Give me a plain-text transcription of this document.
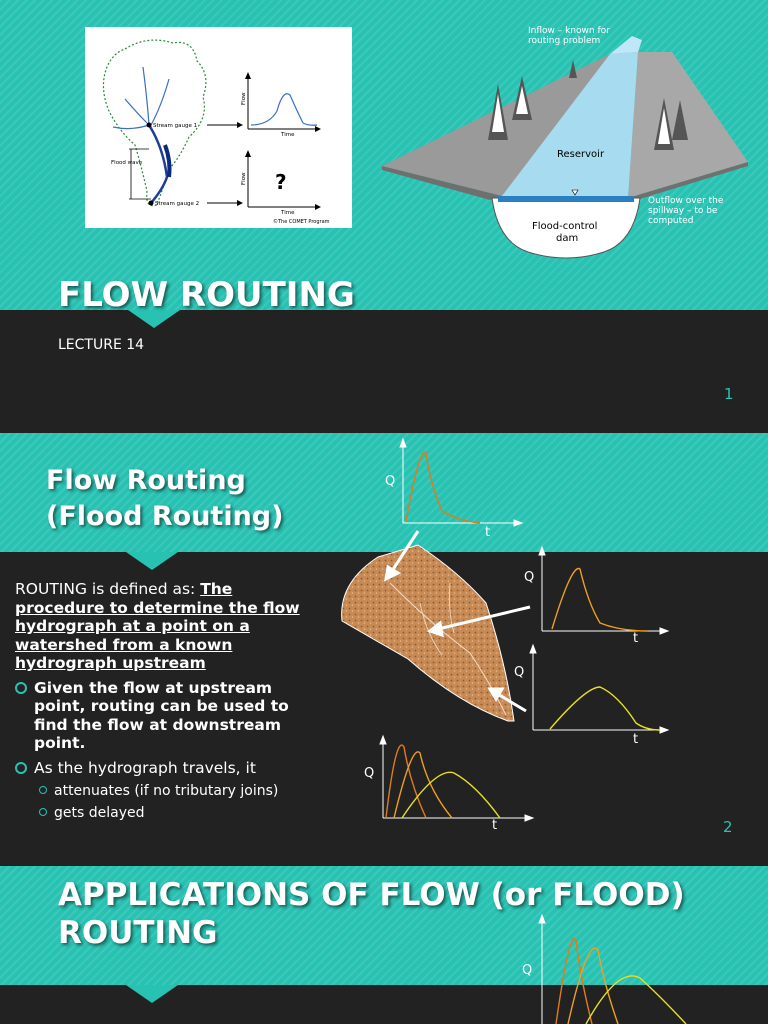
Stream gauge 1
Flood wave
Stream gauge 2
Flow
Time
Flow
Time
?
©The COMET Program
Reservoir
Flood-control
dam
Inflow – known for routing problem
Outflow over the spillway – to be computed
FLOW ROUTING
LECTURE 14
1
Flow Routing
(Flood Routing)
ROUTING is defined as: The procedure to determine the flow hydrograph at a point on a watershed from a known hydrograph upstream
Given the flow at upstream point, routing can be used to find the flow at downstream point.
As the hydrograph travels, it
attenuates (if no tributary joins)
gets delayed
Q
t
Q
t
Q
t
Q
t	2
APPLICATIONS OF FLOW (or FLOOD)
ROUTING
Q
